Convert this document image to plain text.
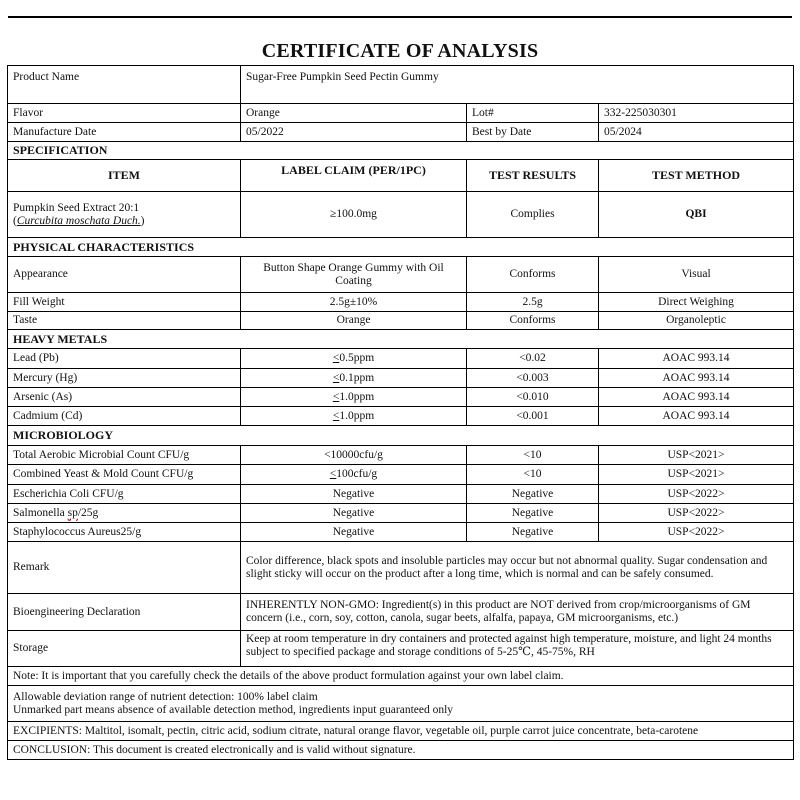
CERTIFICATE OF ANALYSIS
Product Name	Sugar-Free Pumpkin Seed Pectin Gummy		
Flavor	Orange	Lot#	332-225030301
Manufacture Date	05/2022	Best by Date	05/2024
SPECIFICATION			
ITEM	LABEL CLAIM (PER/1PC)	TEST RESULTS	TEST METHOD
Pumpkin Seed Extract 20:1
(Curcubita moschata Duch.)	≥100.0mg	Complies	QBI
PHYSICAL CHARACTERISTICS			
Appearance	Button Shape Orange Gummy with Oil Coating	Conforms	Visual
Fill Weight	2.5g±10%	2.5g	Direct Weighing
Taste	Orange	Conforms	Organoleptic
HEAVY METALS			
Lead (Pb)	≤0.5ppm	<0.02	AOAC 993.14
Mercury (Hg)	≤0.1ppm	<0.003	AOAC 993.14
Arsenic (As)	≤1.0ppm	<0.010	AOAC 993.14
Cadmium (Cd)	≤1.0ppm	<0.001	AOAC 993.14
MICROBIOLOGY			
Total Aerobic Microbial Count CFU/g	<10000cfu/g	<10	USP<2021>
Combined Yeast & Mold Count CFU/g	≤100cfu/g	<10	USP<2021>
Escherichia Coli CFU/g	Negative	Negative	USP<2022>
Salmonella sp/25g	Negative	Negative	USP<2022>
Staphylococcus Aureus25/g	Negative	Negative	USP<2022>
Remark	Color difference, black spots and insoluble particles may occur but not abnormal quality. Sugar condensation and slight sticky will occur on the product after a long time, which is normal and can be safely consumed.		
Bioengineering Declaration	INHERENTLY NON-GMO: Ingredient(s) in this product are NOT derived from crop/microorganisms of GM concern (i.e., corn, soy, cotton, canola, sugar beets, alfalfa, papaya, GM microorganisms, etc.)		
Storage	Keep at room temperature in dry containers and protected against high temperature, moisture, and light 24 months subject to specified package and storage conditions of 5-25℃, 45-75%, RH		
Note: It is important that you carefully check the details of the above product formulation against your own label claim.			
Allowable deviation range of nutrient detection: 100% label claim
Unmarked part means absence of available detection method, ingredients input guaranteed only			
EXCIPIENTS: Maltitol, isomalt, pectin, citric acid, sodium citrate, natural orange flavor, vegetable oil, purple carrot juice concentrate, beta-carotene			
CONCLUSION: This document is created electronically and is valid without signature.			
